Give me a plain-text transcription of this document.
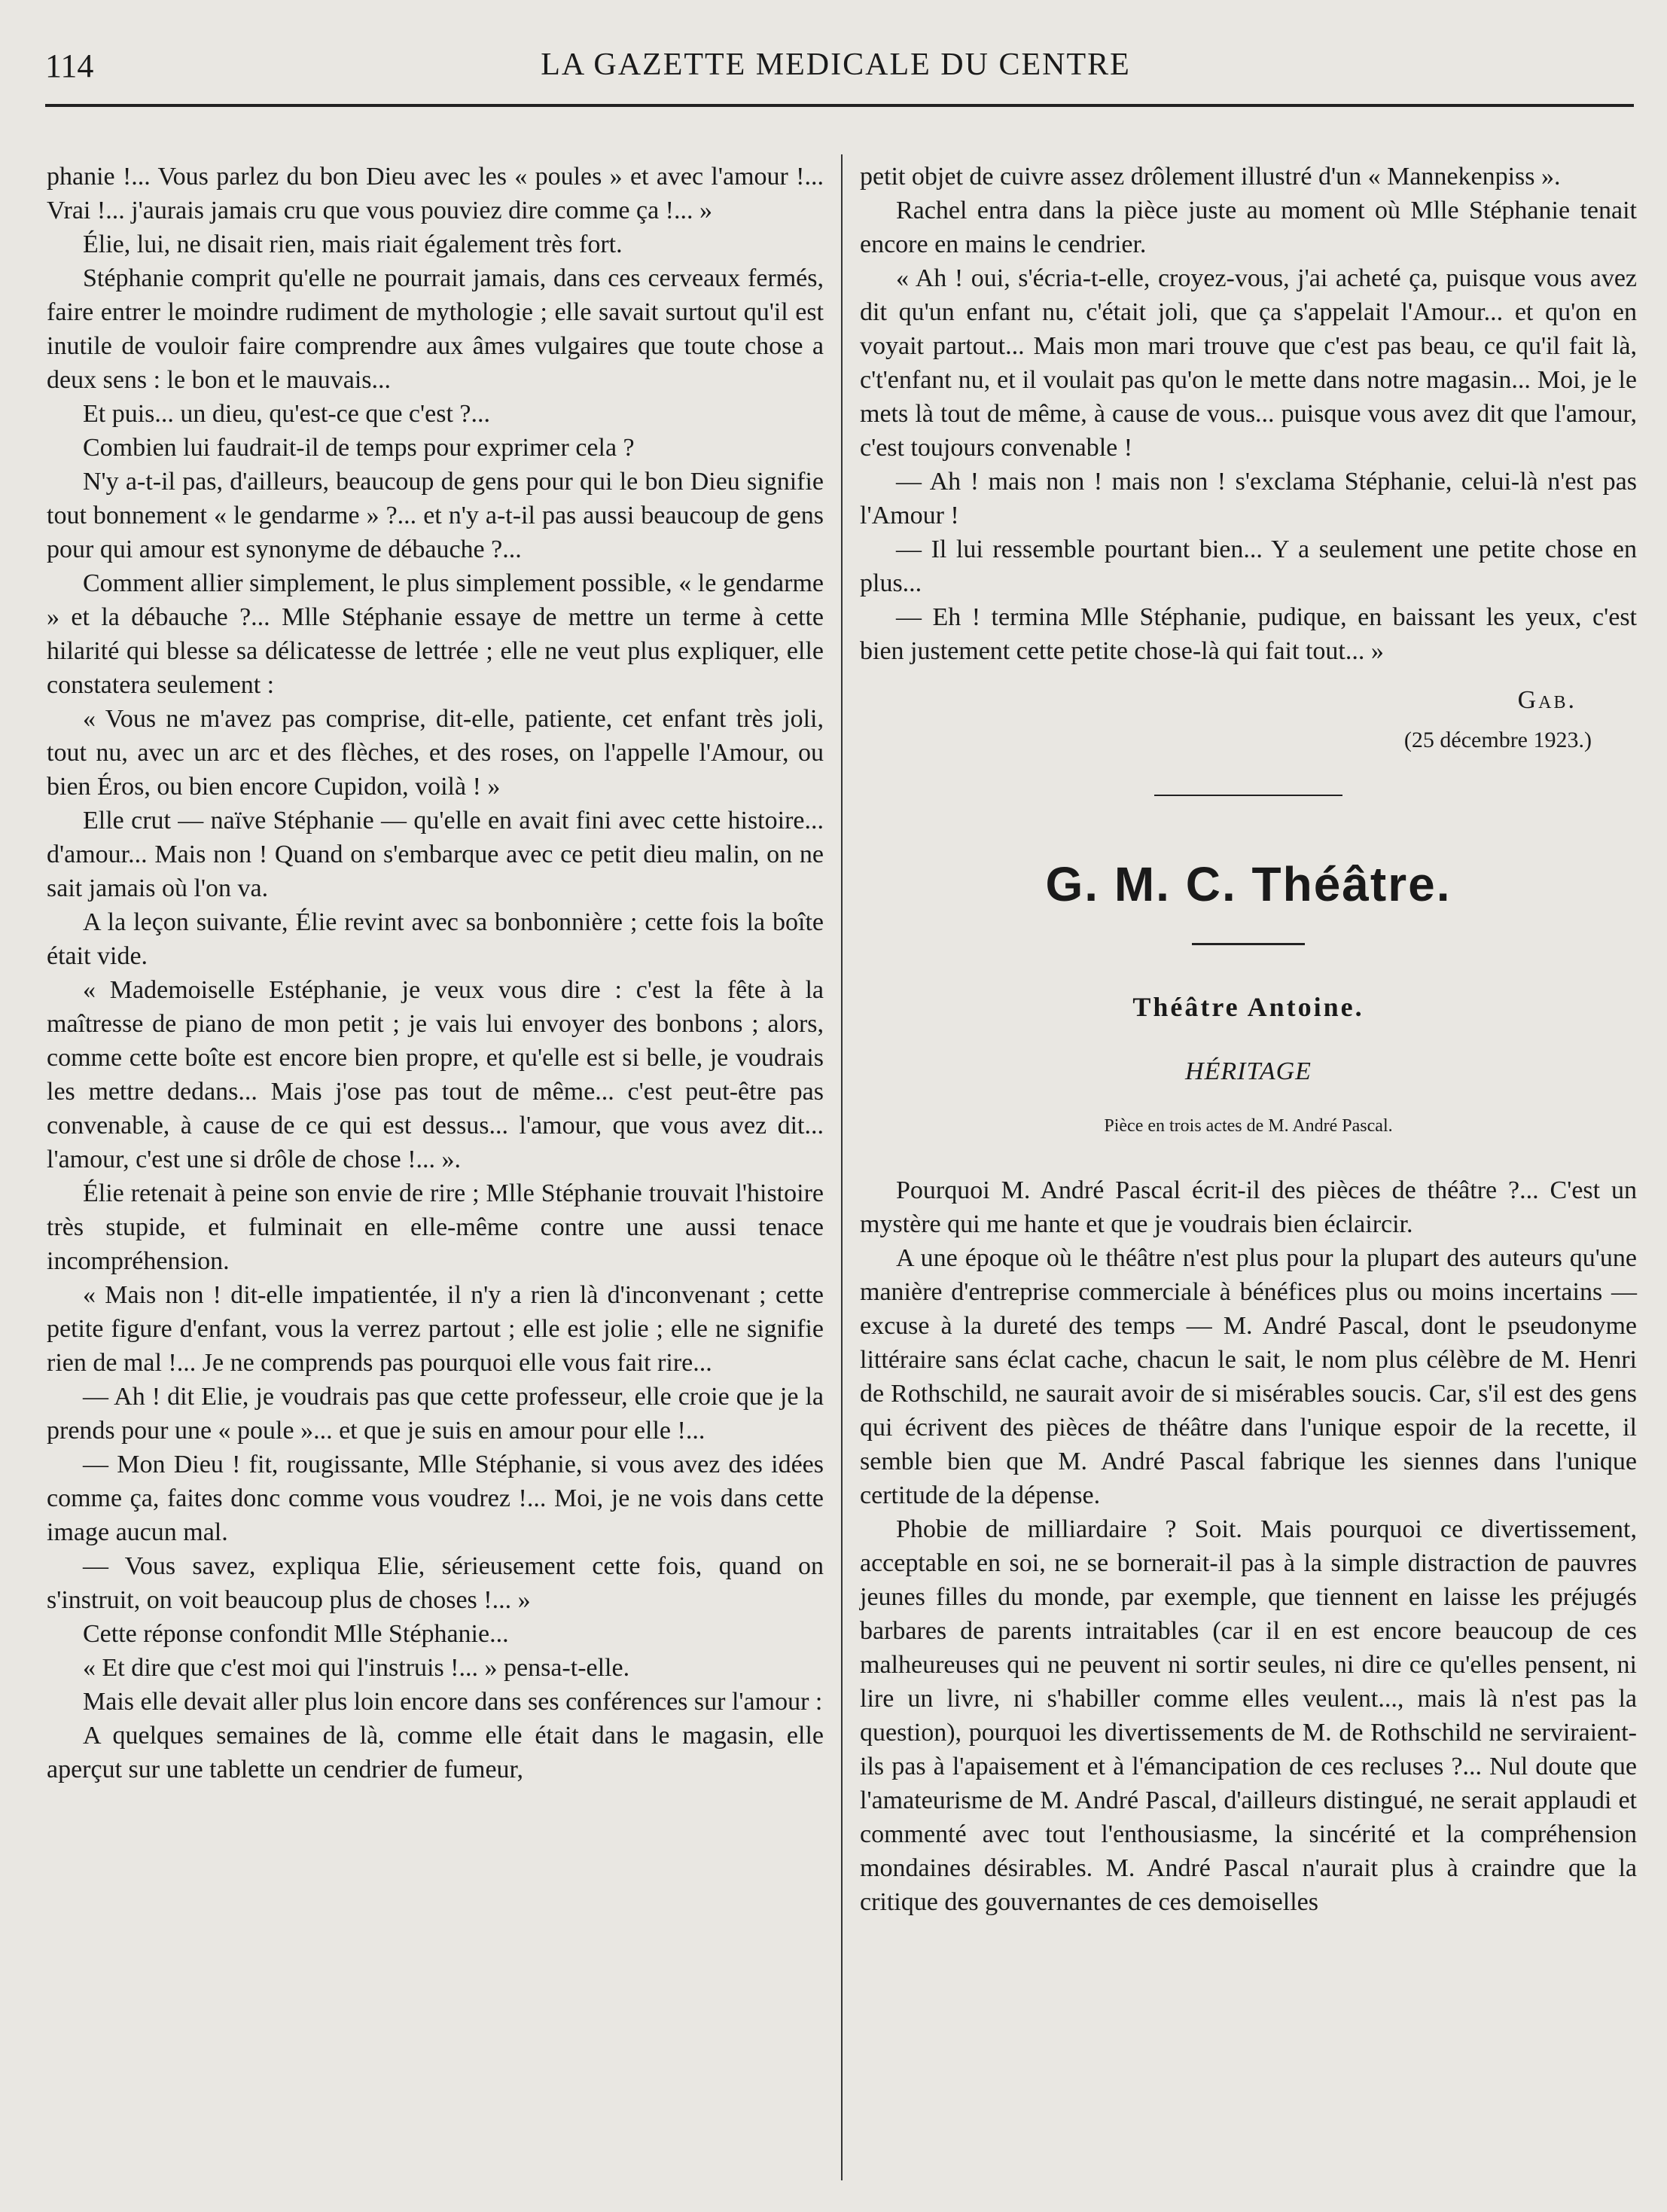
114	LA GAZETTE MEDICALE DU CENTRE

phanie !... Vous parlez du bon Dieu avec les « poules » et avec l'amour !... Vrai !... j'aurais jamais cru que vous pouviez dire comme ça !... »

Élie, lui, ne disait rien, mais riait également très fort.

Stéphanie comprit qu'elle ne pourrait jamais, dans ces cerveaux fermés, faire entrer le moindre rudiment de mythologie ; elle savait surtout qu'il est inutile de vouloir faire comprendre aux âmes vulgaires que toute chose a deux sens : le bon et le mauvais...

Et puis... un dieu, qu'est-ce que c'est ?...

Combien lui faudrait-il de temps pour exprimer cela ?

N'y a-t-il pas, d'ailleurs, beaucoup de gens pour qui le bon Dieu signifie tout bonnement « le gendarme » ?... et n'y a-t-il pas aussi beaucoup de gens pour qui amour est synonyme de débauche ?...

Comment allier simplement, le plus simplement possible, « le gendarme » et la débauche ?... Mlle Stéphanie essaye de mettre un terme à cette hilarité qui blesse sa délicatesse de lettrée ; elle ne veut plus expliquer, elle constatera seulement :

« Vous ne m'avez pas comprise, dit-elle, patiente, cet enfant très joli, tout nu, avec un arc et des flèches, et des roses, on l'appelle l'Amour, ou bien Éros, ou bien encore Cupidon, voilà ! »

Elle crut — naïve Stéphanie — qu'elle en avait fini avec cette histoire... d'amour... Mais non ! Quand on s'embarque avec ce petit dieu malin, on ne sait jamais où l'on va.

A la leçon suivante, Élie revint avec sa bonbonnière ; cette fois la boîte était vide.

« Mademoiselle Estéphanie, je veux vous dire : c'est la fête à la maîtresse de piano de mon petit ; je vais lui envoyer des bonbons ; alors, comme cette boîte est encore bien propre, et qu'elle est si belle, je voudrais les mettre dedans... Mais j'ose pas tout de même... c'est peut-être pas convenable, à cause de ce qui est dessus... l'amour, que vous avez dit... l'amour, c'est une si drôle de chose !... ».

Élie retenait à peine son envie de rire ; Mlle Stéphanie trouvait l'histoire très stupide, et fulminait en elle-même contre une aussi tenace incompréhension.

« Mais non ! dit-elle impatientée, il n'y a rien là d'inconvenant ; cette petite figure d'enfant, vous la verrez partout ; elle est jolie ; elle ne signifie rien de mal !... Je ne comprends pas pourquoi elle vous fait rire...

— Ah ! dit Elie, je voudrais pas que cette professeur, elle croie que je la prends pour une « poule »... et que je suis en amour pour elle !...

— Mon Dieu ! fit, rougissante, Mlle Stéphanie, si vous avez des idées comme ça, faites donc comme vous voudrez !... Moi, je ne vois dans cette image aucun mal.

— Vous savez, expliqua Elie, sérieusement cette fois, quand on s'instruit, on voit beaucoup plus de choses !... »

Cette réponse confondit Mlle Stéphanie...

« Et dire que c'est moi qui l'instruis !... » pensa-t-elle.

Mais elle devait aller plus loin encore dans ses conférences sur l'amour :

A quelques semaines de là, comme elle était dans le magasin, elle aperçut sur une tablette un cendrier de fumeur,

petit objet de cuivre assez drôlement illustré d'un « Mannekenpiss ».

Rachel entra dans la pièce juste au moment où Mlle Stéphanie tenait encore en mains le cendrier.

« Ah ! oui, s'écria-t-elle, croyez-vous, j'ai acheté ça, puisque vous avez dit qu'un enfant nu, c'était joli, que ça s'appelait l'Amour... et qu'on en voyait partout... Mais mon mari trouve que c'est pas beau, ce qu'il fait là, c't'enfant nu, et il voulait pas qu'on le mette dans notre magasin... Moi, je le mets là tout de même, à cause de vous... puisque vous avez dit que l'amour, c'est toujours convenable !

— Ah ! mais non ! mais non ! s'exclama Stéphanie, celui-là n'est pas l'Amour !

— Il lui ressemble pourtant bien... Y a seulement une petite chose en plus...

— Eh ! termina Mlle Stéphanie, pudique, en baissant les yeux, c'est bien justement cette petite chose-là qui fait tout... »

Gab.
(25 décembre 1923.)
G. M. C. Théâtre.
Théâtre Antoine.
HÉRITAGE
Pièce en trois actes de M. André Pascal.

Pourquoi M. André Pascal écrit-il des pièces de théâtre ?... C'est un mystère qui me hante et que je voudrais bien éclaircir.

A une époque où le théâtre n'est plus pour la plupart des auteurs qu'une manière d'entreprise commerciale à bénéfices plus ou moins incertains — excuse à la dureté des temps — M. André Pascal, dont le pseudonyme littéraire sans éclat cache, chacun le sait, le nom plus célèbre de M. Henri de Rothschild, ne saurait avoir de si misérables soucis. Car, s'il est des gens qui écrivent des pièces de théâtre dans l'unique espoir de la recette, il semble bien que M. André Pascal fabrique les siennes dans l'unique certitude de la dépense.

Phobie de milliardaire ? Soit. Mais pourquoi ce divertissement, acceptable en soi, ne se bornerait-il pas à la simple distraction de pauvres jeunes filles du monde, par exemple, que tiennent en laisse les préjugés barbares de parents intraitables (car il en est encore beaucoup de ces malheureuses qui ne peuvent ni sortir seules, ni dire ce qu'elles pensent, ni lire un livre, ni s'habiller comme elles veulent..., mais là n'est pas la question), pourquoi les divertissements de M. de Rothschild ne serviraient-ils pas à l'apaisement et à l'émancipation de ces recluses ?... Nul doute que l'amateurisme de M. André Pascal, d'ailleurs distingué, ne serait applaudi et commenté avec tout l'enthousiasme, la sincérité et la compréhension mondaines désirables. M. André Pascal n'aurait plus à craindre que la critique des gouvernantes de ces demoiselles
